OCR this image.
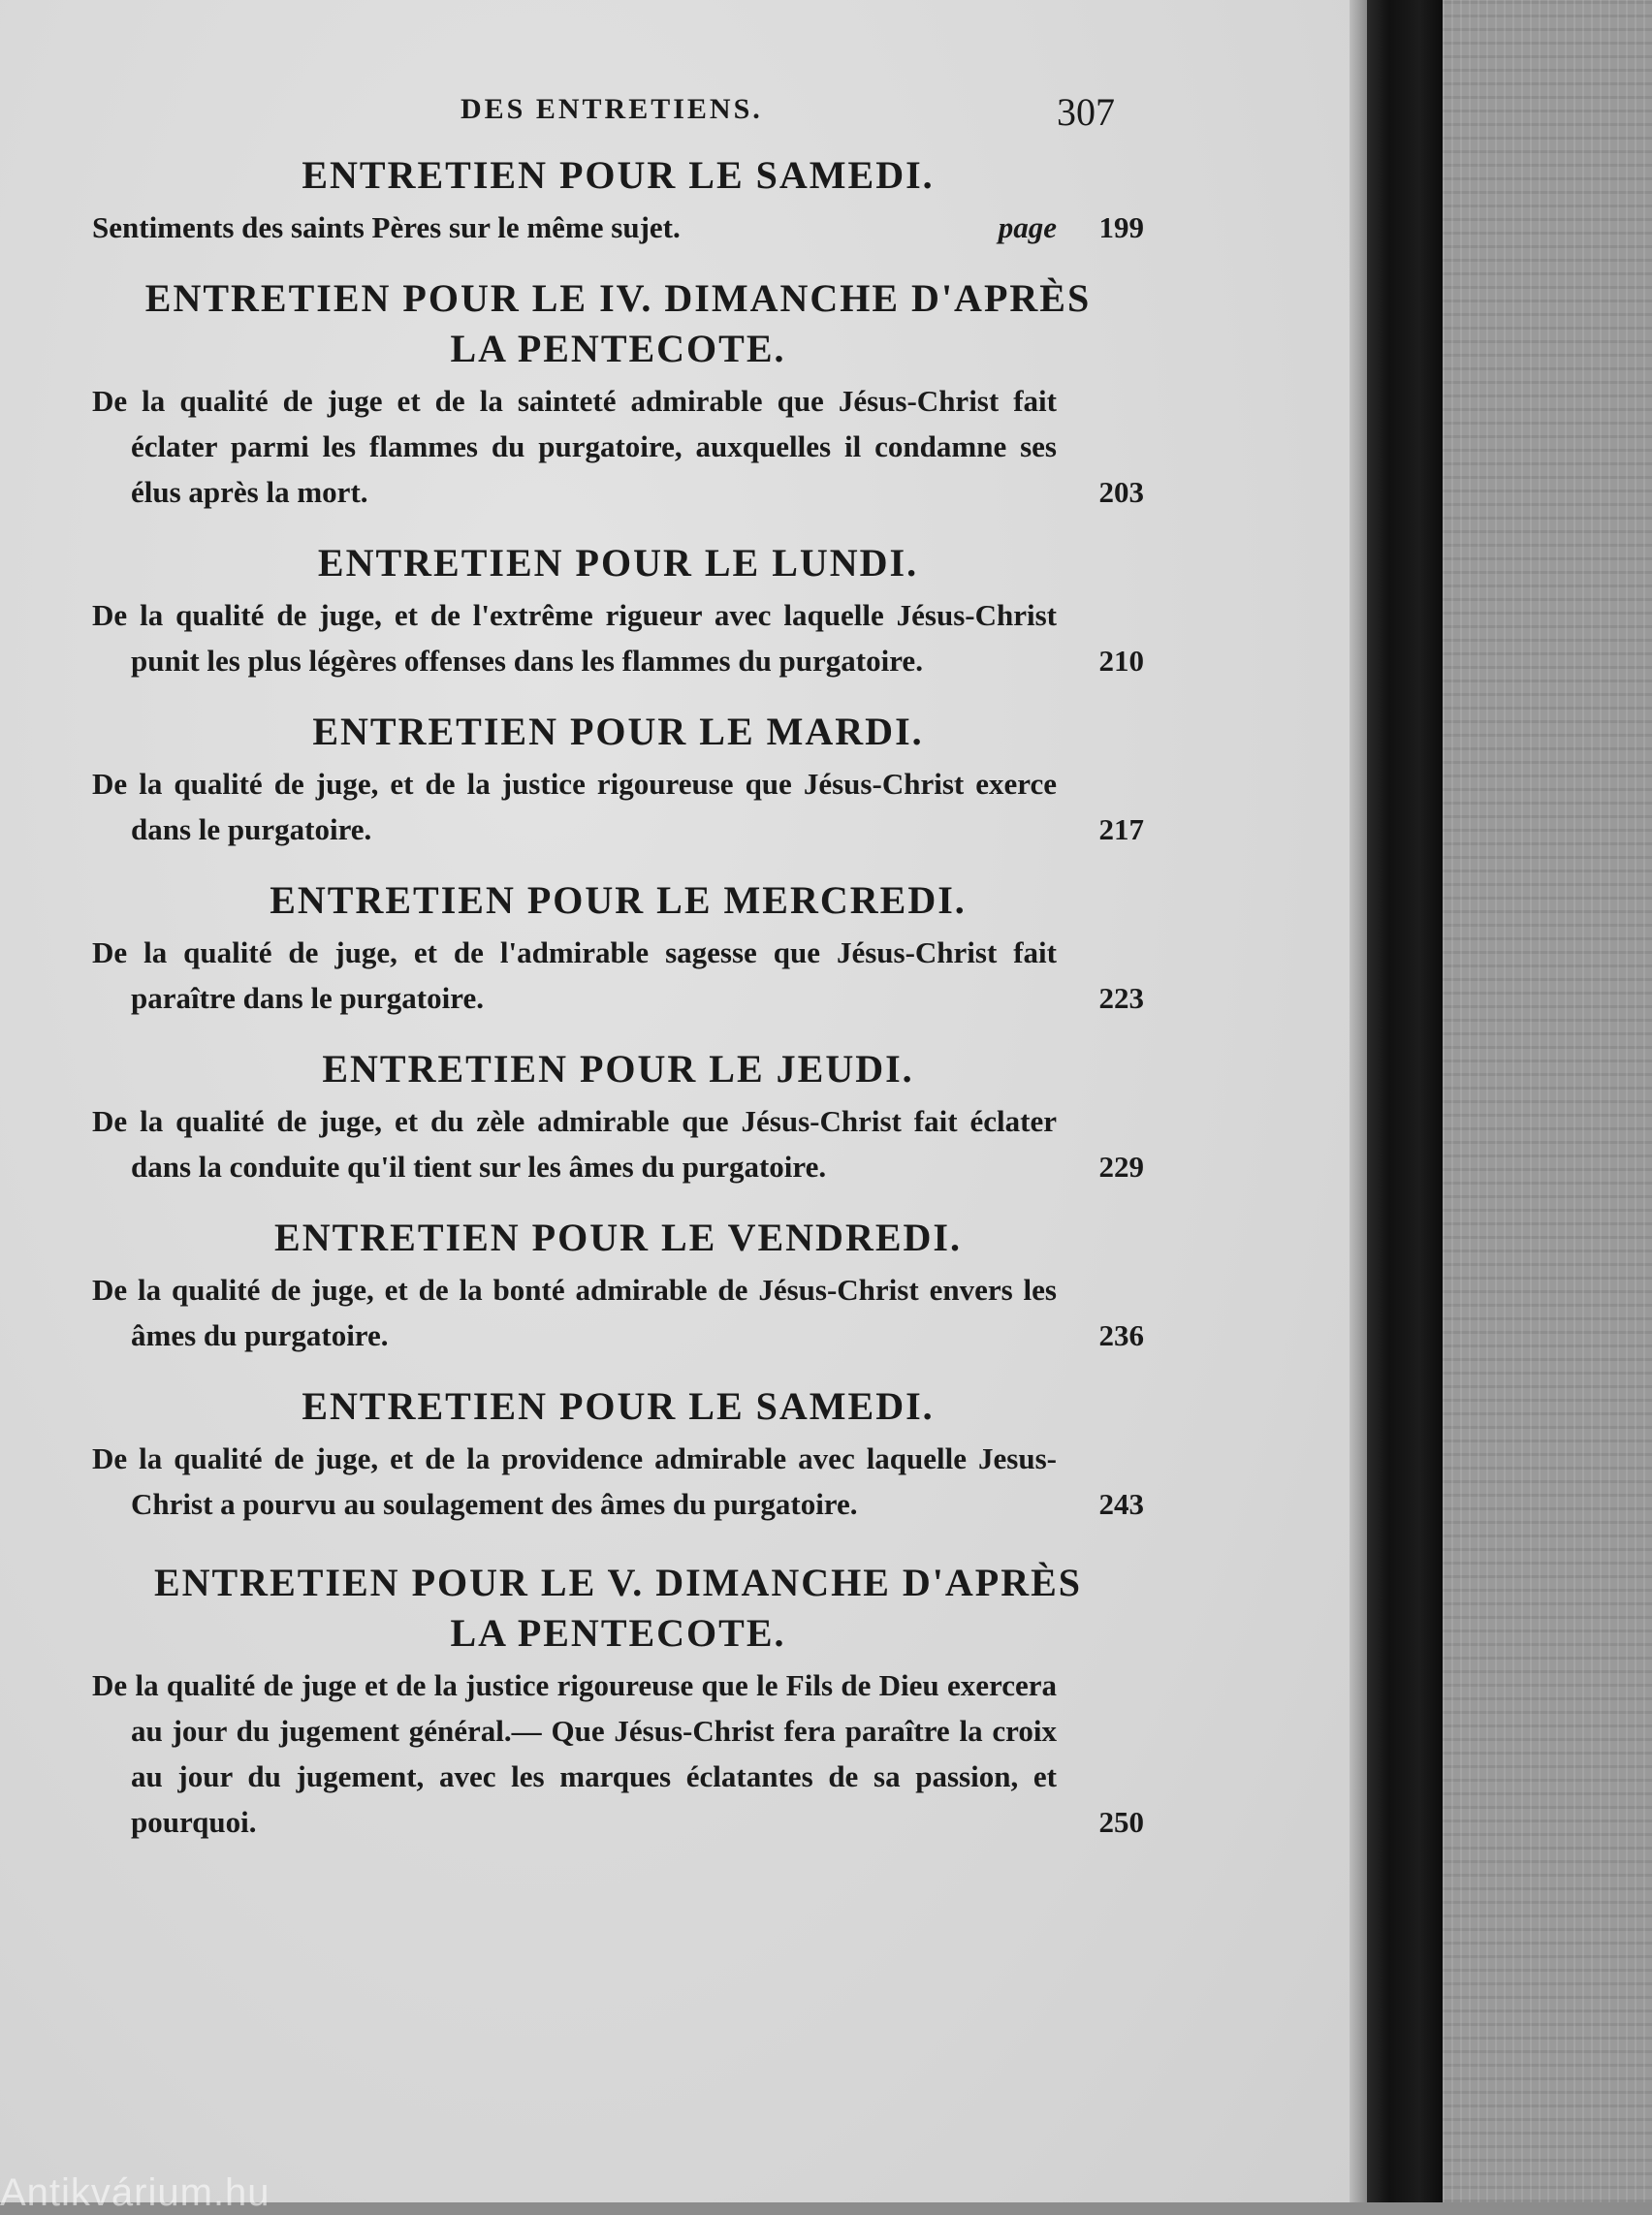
DES ENTRETIENS.	307
ENTRETIEN POUR LE SAMEDI.
Sentiments des saints Pères sur le même sujet.	page 199
ENTRETIEN POUR LE IV. DIMANCHE D'APRÈS LA PENTECOTE.
De la qualité de juge et de la sainteté admirable que Jésus-Christ fait éclater parmi les flammes du purgatoire, auxquelles il condamne ses élus après la mort.	203
ENTRETIEN POUR LE LUNDI.
De la qualité de juge, et de l'extrême rigueur avec laquelle Jésus-Christ punit les plus légères offenses dans les flammes du purgatoire.	210
ENTRETIEN POUR LE MARDI.
De la qualité de juge, et de la justice rigoureuse que Jésus-Christ exerce dans le purgatoire.	217
ENTRETIEN POUR LE MERCREDI.
De la qualité de juge, et de l'admirable sagesse que Jésus-Christ fait paraître dans le purgatoire.	223
ENTRETIEN POUR LE JEUDI.
De la qualité de juge, et du zèle admirable que Jésus-Christ fait éclater dans la conduite qu'il tient sur les âmes du purgatoire.	229
ENTRETIEN POUR LE VENDREDI.
De la qualité de juge, et de la bonté admirable de Jésus-Christ envers les âmes du purgatoire.	236
ENTRETIEN POUR LE SAMEDI.
De la qualité de juge, et de la providence admirable avec laquelle Jesus-Christ a pourvu au soulagement des âmes du purgatoire.	243
ENTRETIEN POUR LE V. DIMANCHE D'APRÈS LA PENTECOTE.
De la qualité de juge et de la justice rigoureuse que le Fils de Dieu exercera au jour du jugement général.— Que Jésus-Christ fera paraître la croix au jour du jugement, avec les marques éclatantes de sa passion, et pourquoi.	250
Antikvárium.hu
